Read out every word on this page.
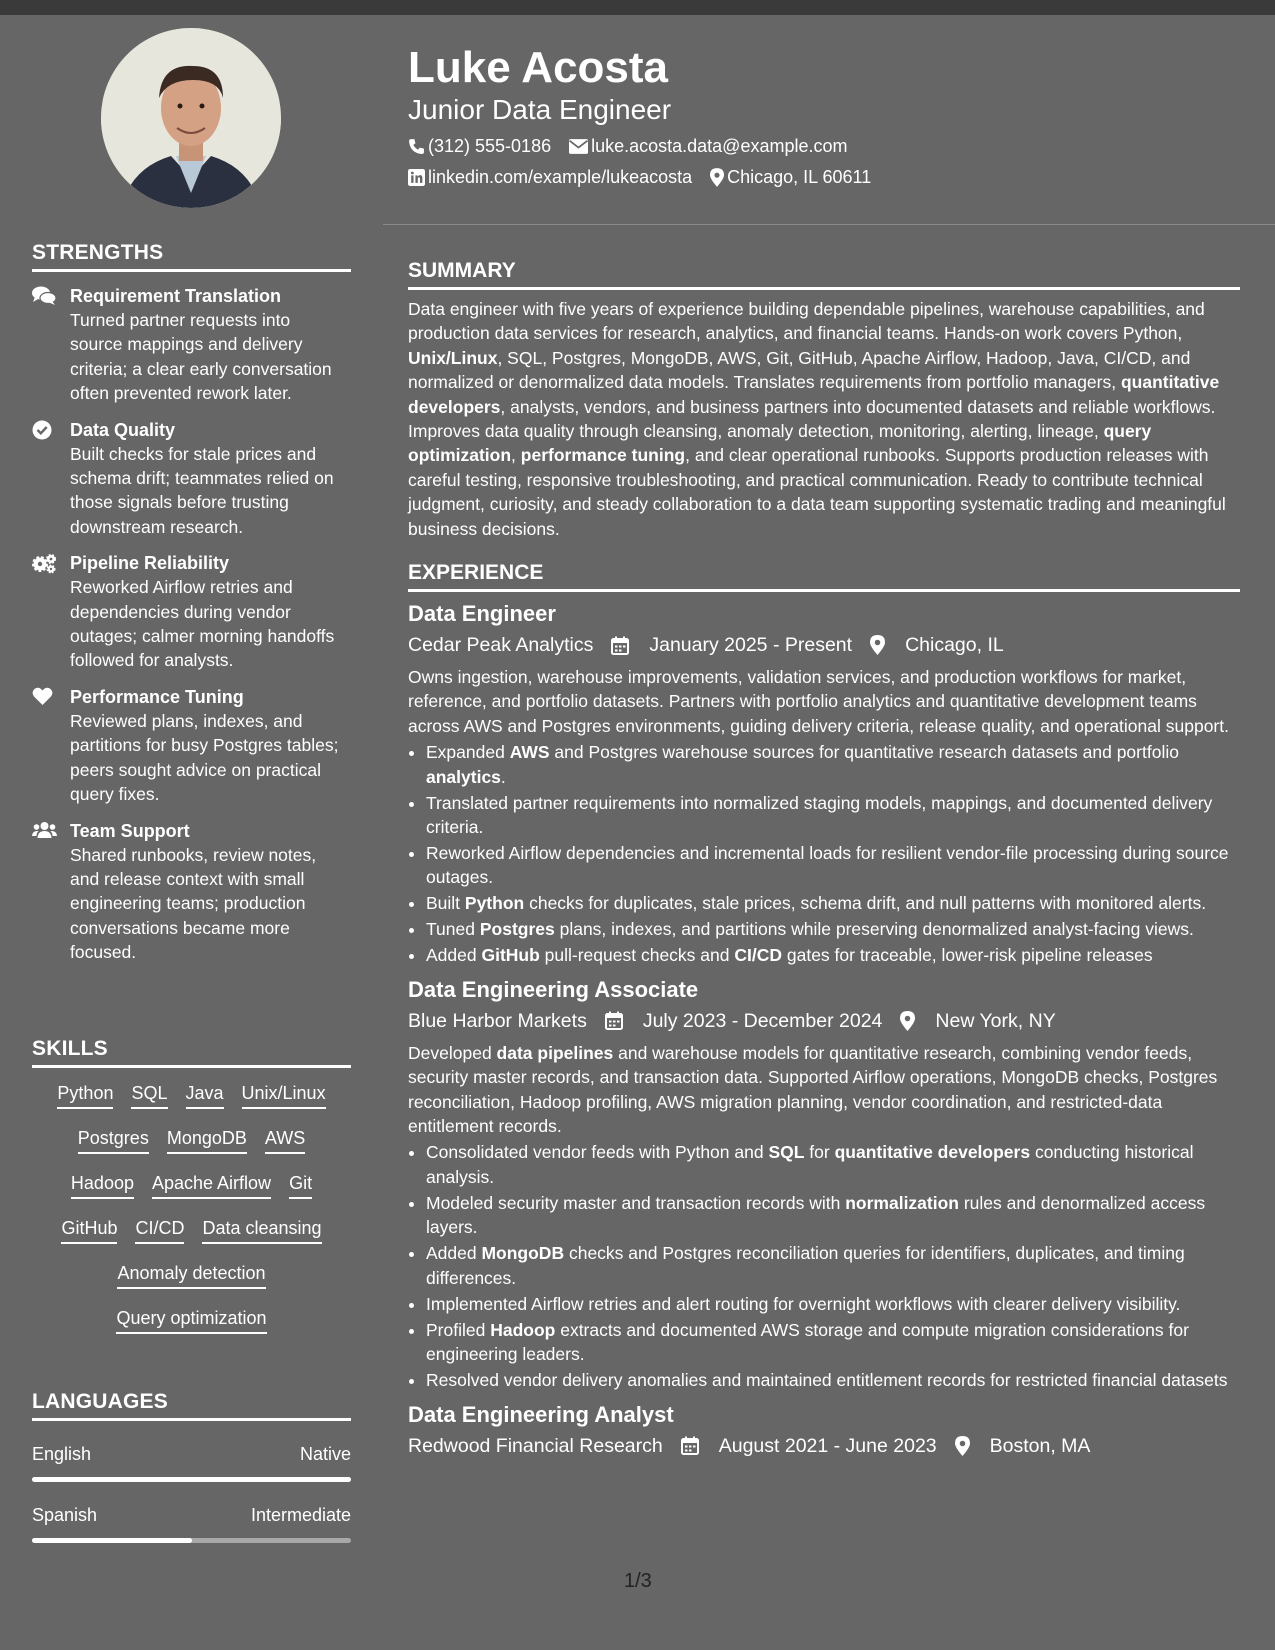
STRENGTHS
Requirement Translation
Turned partner requests into source mappings and delivery criteria; a clear early conversation often prevented rework later.
Data Quality
Built checks for stale prices and schema drift; teammates relied on those signals before trusting downstream research.
Pipeline Reliability
Reworked Airflow retries and dependencies during vendor outages; calmer morning handoffs followed for analysts.
Performance Tuning
Reviewed plans, indexes, and partitions for busy Postgres tables; peers sought advice on practical query fixes.
Team Support
Shared runbooks, review notes, and release context with small engineering teams; production conversations became more focused.
SKILLS
Python SQL Java Unix/Linux
Postgres MongoDB AWS
Hadoop Apache Airflow Git
GitHub CI/CD Data cleansing
Anomaly detection
Query optimization
LANGUAGES
English	Native
Spanish	Intermediate
Luke Acosta
Junior Data Engineer
(312) 555-0186 luke.acosta.data@example.com
linkedin.com/example/lukeacosta Chicago, IL 60611
SUMMARY
Data engineer with five years of experience building dependable pipelines, warehouse capabilities, and production data services for research, analytics, and financial teams. Hands-on work covers Python, Unix/Linux, SQL, Postgres, MongoDB, AWS, Git, GitHub, Apache Airflow, Hadoop, Java, CI/CD, and normalized or denormalized data models. Translates requirements from portfolio managers, quantitative developers, analysts, vendors, and business partners into documented datasets and reliable workflows. Improves data quality through cleansing, anomaly detection, monitoring, alerting, lineage, query optimization, performance tuning, and clear operational runbooks. Supports production releases with careful testing, responsive troubleshooting, and practical communication. Ready to contribute technical judgment, curiosity, and steady collaboration to a data team supporting systematic trading and meaningful business decisions.
EXPERIENCE
Data Engineer
Cedar Peak Analytics	January 2025 - Present	Chicago, IL
Owns ingestion, warehouse improvements, validation services, and production workflows for market, reference, and portfolio datasets. Partners with portfolio analytics and quantitative development teams across AWS and Postgres environments, guiding delivery criteria, release quality, and operational support.
• Expanded AWS and Postgres warehouse sources for quantitative research datasets and portfolio analytics.
• Translated partner requirements into normalized staging models, mappings, and documented delivery criteria.
• Reworked Airflow dependencies and incremental loads for resilient vendor-file processing during source outages.
• Built Python checks for duplicates, stale prices, schema drift, and null patterns with monitored alerts.
• Tuned Postgres plans, indexes, and partitions while preserving denormalized analyst-facing views.
• Added GitHub pull-request checks and CI/CD gates for traceable, lower-risk pipeline releases
Data Engineering Associate
Blue Harbor Markets	July 2023 - December 2024	New York, NY
Developed data pipelines and warehouse models for quantitative research, combining vendor feeds, security master records, and transaction data. Supported Airflow operations, MongoDB checks, Postgres reconciliation, Hadoop profiling, AWS migration planning, vendor coordination, and restricted-data entitlement records.
• Consolidated vendor feeds with Python and SQL for quantitative developers conducting historical analysis.
• Modeled security master and transaction records with normalization rules and denormalized access layers.
• Added MongoDB checks and Postgres reconciliation queries for identifiers, duplicates, and timing differences.
• Implemented Airflow retries and alert routing for overnight workflows with clearer delivery visibility.
• Profiled Hadoop extracts and documented AWS storage and compute migration considerations for engineering leaders.
• Resolved vendor delivery anomalies and maintained entitlement records for restricted financial datasets
Data Engineering Analyst
Redwood Financial Research	August 2021 - June 2023	Boston, MA
1/3
